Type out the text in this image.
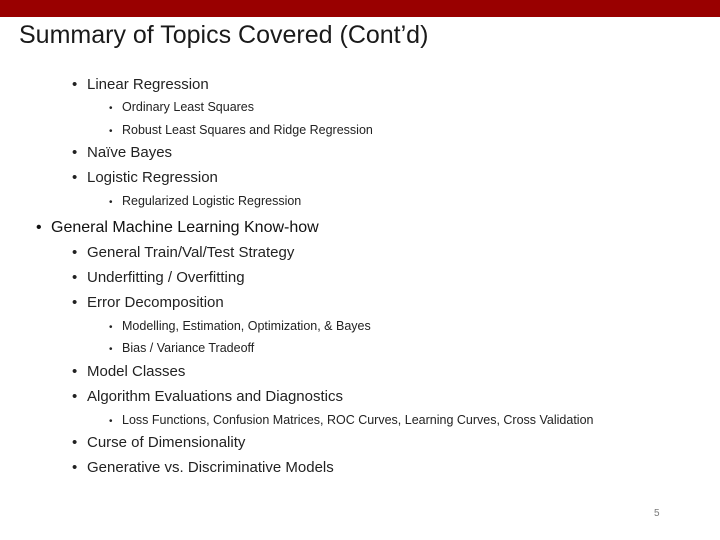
Summary of Topics Covered (Cont’d)
• Linear Regression
• Ordinary Least Squares
• Robust Least Squares and Ridge Regression
• Naïve Bayes
• Logistic Regression
• Regularized Logistic Regression
• General Machine Learning Know-how
• General Train/Val/Test Strategy
• Underfitting / Overfitting
• Error Decomposition
• Modelling, Estimation, Optimization, & Bayes
• Bias / Variance Tradeoff
• Model Classes
• Algorithm Evaluations and Diagnostics
• Loss Functions, Confusion Matrices, ROC Curves, Learning Curves, Cross Validation
• Curse of Dimensionality
• Generative vs. Discriminative Models
5
